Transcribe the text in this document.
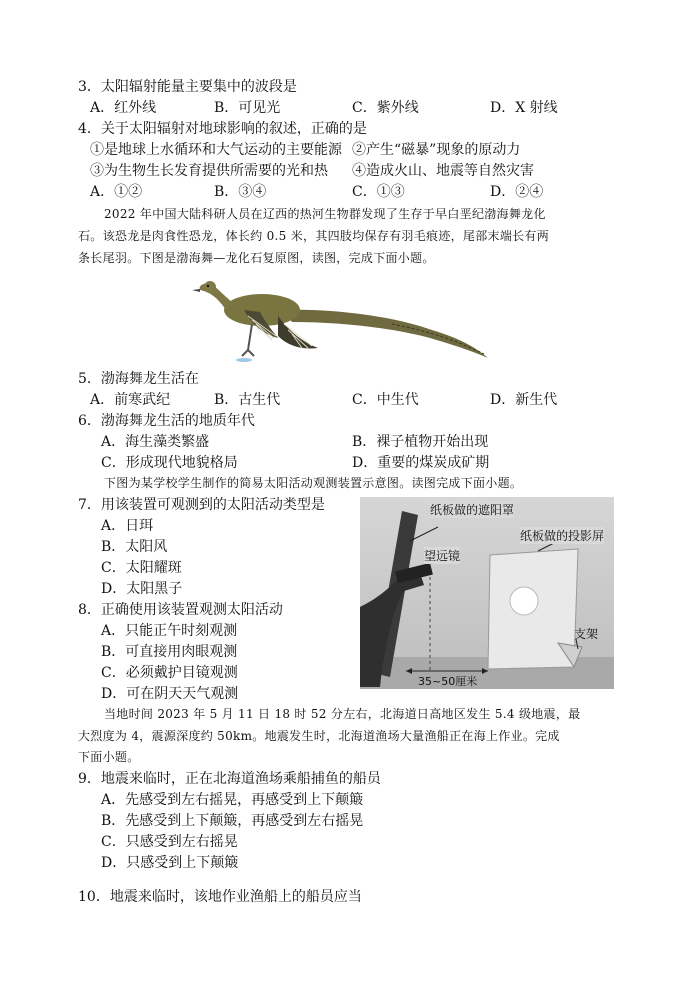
3．太阳辐射能量主要集中的波段是
A．红外线	B．可见光	C．紫外线	D．X 射线
4．关于太阳辐射对地球影响的叙述，正确的是
①是地球上水循环和大气运动的主要能源 ②产生“磁暴”现象的原动力
③为生物生长发育提供所需要的光和热 ④造成火山、地震等自然灾害
A．①②	B．③④	C．①③	D．②④
2022 年中国大陆科研人员在辽西的热河生物群发现了生存于早白垩纪渤海舞龙化
石。该恐龙是肉食性恐龙，体长约 0.5 米，其四肢均保存有羽毛痕迹，尾部末端长有两
条长尾羽。下图是渤海舞—龙化石复原图，读图，完成下面小题。
5．渤海舞龙生活在
A．前寒武纪	B．古生代	C．中生代	D．新生代
6．渤海舞龙生活的地质年代
A．海生藻类繁盛	B．裸子植物开始出现
C．形成现代地貌格局	D．重要的煤炭成矿期
下图为某学校学生制作的简易太阳活动观测装置示意图。读图完成下面小题。
7．用该装置可观测到的太阳活动类型是
A．日珥
B．太阳风
C．太阳耀斑
D．太阳黑子
8．正确使用该装置观测太阳活动
A．只能正午时刻观测
B．可直接用肉眼观测
C．必须戴护目镜观测
D．可在阴天天气观测
纸板做的遮阳罩
纸板做的投影屏
望远镜
支架
35~50厘米
当地时间 2023 年 5 月 11 日 18 时 52 分左右，北海道日高地区发生 5.4 级地震，最
大烈度为 4，震源深度约 50km。地震发生时，北海道渔场大量渔船正在海上作业。完成
下面小题。
9．地震来临时，正在北海道渔场乘船捕鱼的船员
A．先感受到左右摇晃，再感受到上下颠簸
B．先感受到上下颠簸，再感受到左右摇晃
C．只感受到左右摇晃
D．只感受到上下颠簸
10．地震来临时，该地作业渔船上的船员应当
